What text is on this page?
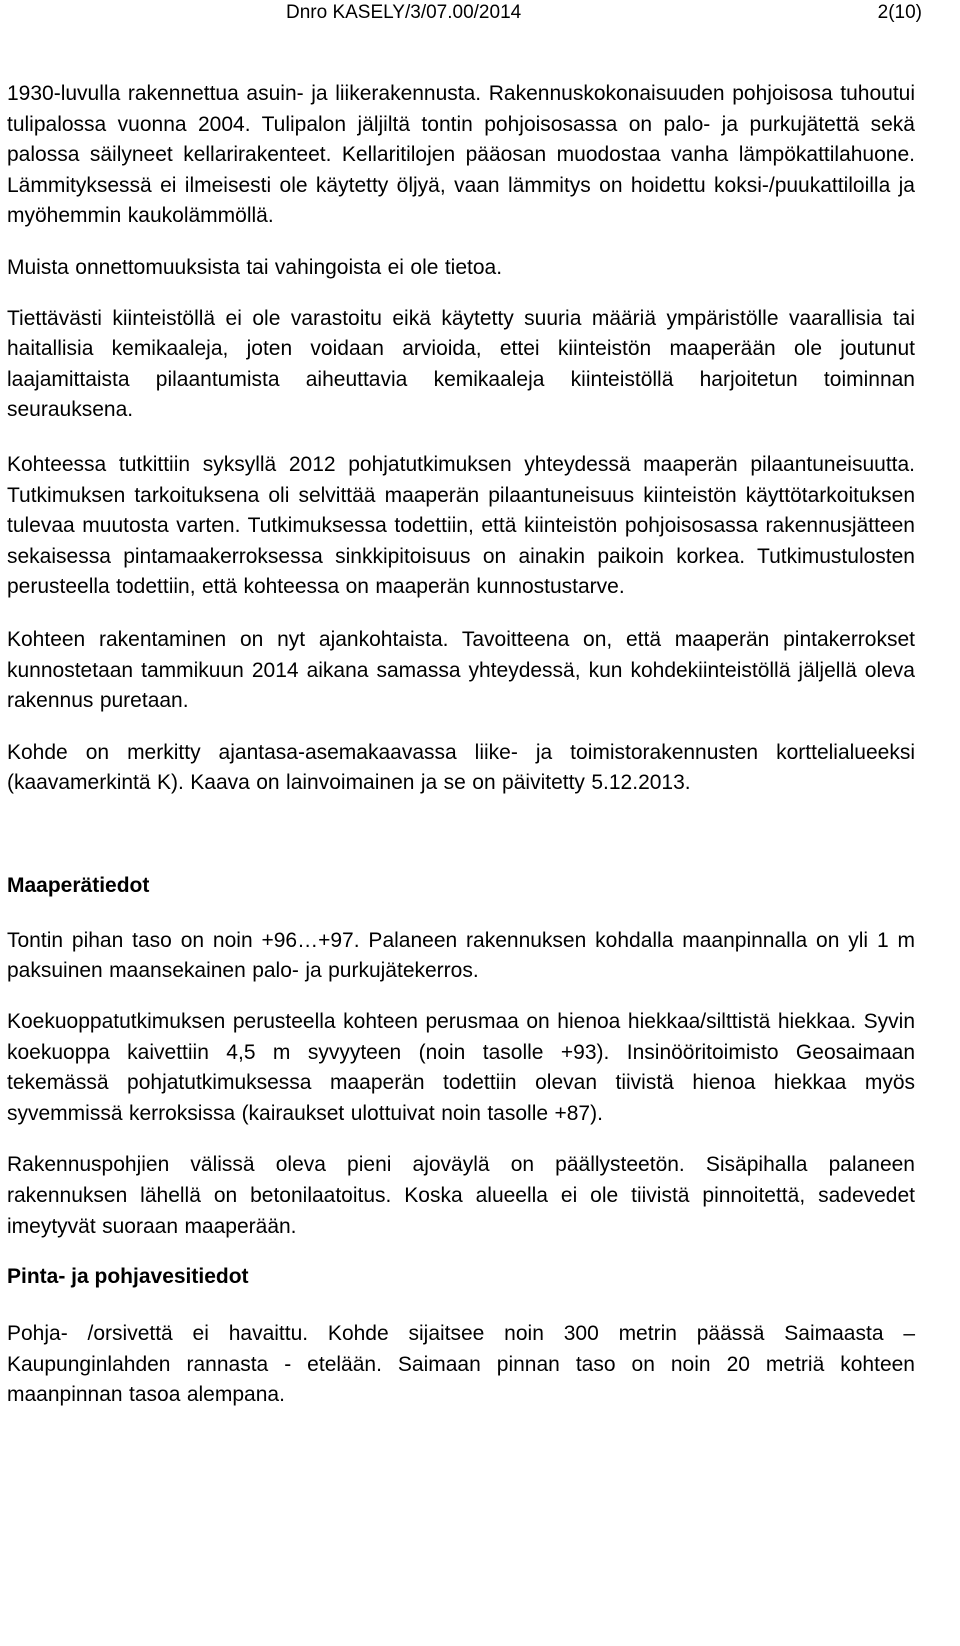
Dnro KASELY/3/07.00/2014	2(10)

1930-luvulla rakennettua asuin- ja liikerakennusta. Rakennuskokonaisuuden pohjoisosa tuhoutui tulipalossa vuonna 2004. Tulipalon jäljiltä tontin pohjoisosassa on palo- ja purkujätettä sekä palossa säilyneet kellarirakenteet. Kellaritilojen pääosan muodostaa vanha lämpökattilahuone. Lämmityksessä ei ilmeisesti ole käytetty öljyä, vaan lämmitys on hoidettu koksi-/puukattiloilla ja myöhemmin kaukolämmöllä.

Muista onnettomuuksista tai vahingoista ei ole tietoa.

Tiettävästi kiinteistöllä ei ole varastoitu eikä käytetty suuria määriä ympäristölle vaarallisia tai haitallisia kemikaaleja, joten voidaan arvioida, ettei kiinteistön maaperään ole joutunut laajamittaista pilaantumista aiheuttavia kemikaaleja kiinteistöllä harjoitetun toiminnan seurauksena.

Kohteessa tutkittiin syksyllä 2012 pohjatutkimuksen yhteydessä maaperän pilaantuneisuutta. Tutkimuksen tarkoituksena oli selvittää maaperän pilaantuneisuus kiinteistön käyttötarkoituksen tulevaa muutosta varten. Tutkimuksessa todettiin, että kiinteistön pohjoisosassa rakennusjätteen sekaisessa pintamaakerroksessa sinkkipitoisuus on ainakin paikoin korkea. Tutkimustulosten perusteella todettiin, että kohteessa on maaperän kunnostustarve.

Kohteen rakentaminen on nyt ajankohtaista. Tavoitteena on, että maaperän pintakerrokset kunnostetaan tammikuun 2014 aikana samassa yhteydessä, kun kohdekiinteistöllä jäljellä oleva rakennus puretaan.

Kohde on merkitty ajantasa-asemakaavassa liike- ja toimistorakennusten korttelialueeksi (kaavamerkintä K). Kaava on lainvoimainen ja se on päivitetty 5.12.2013.

Maaperätiedot

Tontin pihan taso on noin +96…+97. Palaneen rakennuksen kohdalla maanpinnalla on yli 1 m paksuinen maansekainen palo- ja purkujätekerros.

Koekuoppatutkimuksen perusteella kohteen perusmaa on hienoa hiekkaa/silttistä hiekkaa. Syvin koekuoppa kaivettiin 4,5 m syvyyteen (noin tasolle +93). Insinööritoimisto Geosaimaan tekemässä pohjatutkimuksessa maaperän todettiin olevan tiivistä hienoa hiekkaa myös syvemmissä kerroksissa (kairaukset ulottuivat noin tasolle +87).

Rakennuspohjien välissä oleva pieni ajoväylä on päällysteetön. Sisäpihalla palaneen rakennuksen lähellä on betonilaatoitus. Koska alueella ei ole tiivistä pinnoitettä, sadevedet imeytyvät suoraan maaperään.

Pinta- ja pohjavesitiedot

Pohja- /orsivettä ei havaittu. Kohde sijaitsee noin 300 metrin päässä Saimaasta – Kaupunginlahden rannasta - etelään. Saimaan pinnan taso on noin 20 metriä kohteen maanpinnan tasoa alempana.
